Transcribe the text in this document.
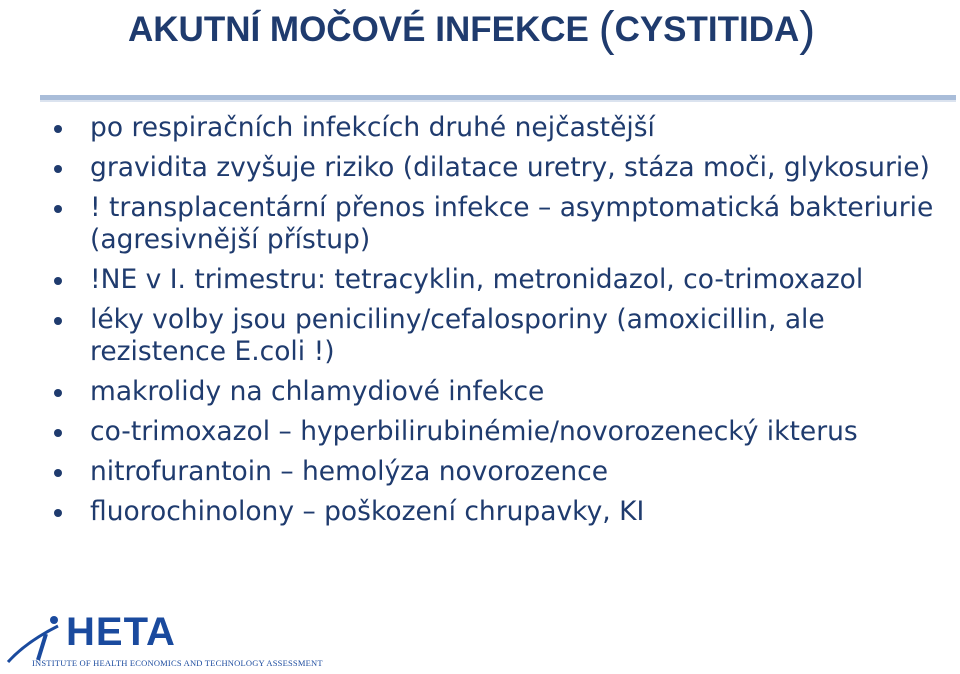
AKUTNÍ MOČOVÉ INFEKCE (CYSTITIDA)
po respiračních infekcích druhé nejčastější
gravidita zvyšuje riziko (dilatace uretry, stáza moči, glykosurie)
! transplacentární přenos infekce – asymptomatická bakteriurie (agresivnější přístup)
!NE v I. trimestru: tetracyklin, metronidazol, co-trimoxazol
léky volby jsou peniciliny/cefalosporiny (amoxicillin, ale rezistence E.coli !)
makrolidy na chlamydiové infekce
co-trimoxazol – hyperbilirubinémie/novorozenecký ikterus
nitrofurantoin – hemolýza novorozence
fluorochinolony – poškození chrupavky, KI
HETA
INSTITUTE OF HEALTH ECONOMICS AND TECHNOLOGY ASSESSMENT
